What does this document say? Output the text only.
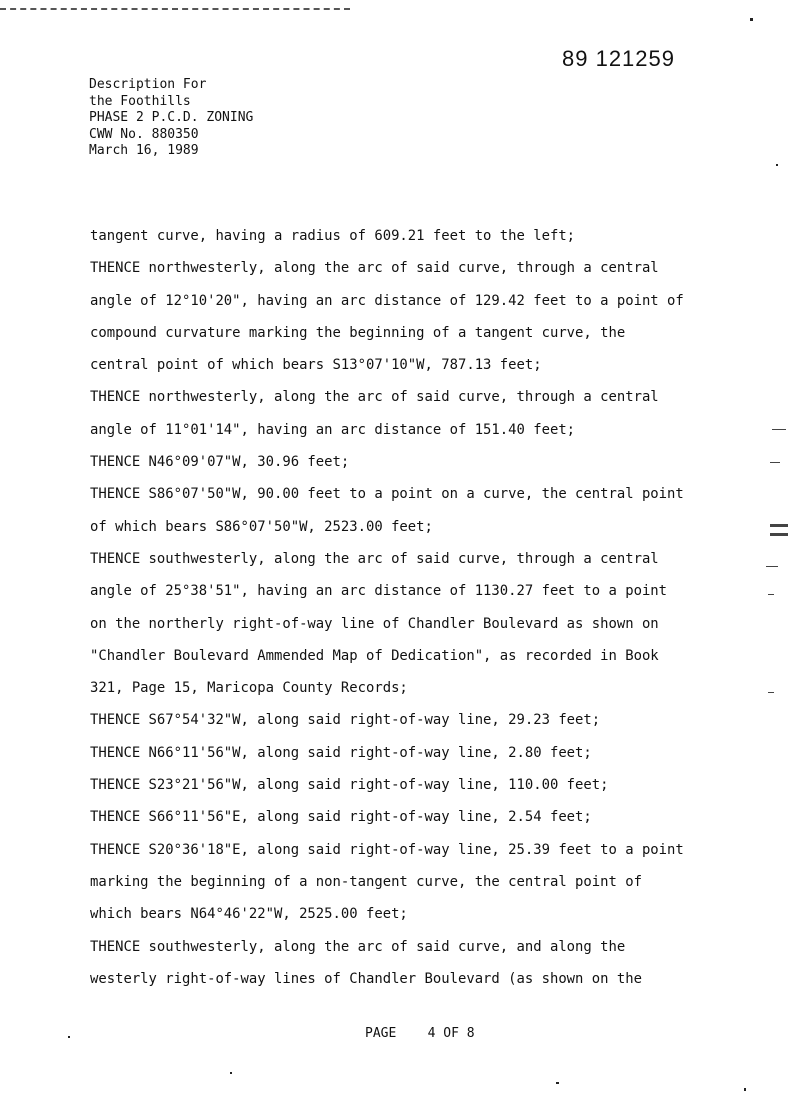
89 121259
Description For
the Foothills
PHASE 2 P.C.D. ZONING
CWW No. 880350
March 16, 1989
tangent curve, having a radius of 609.21 feet to the left;
THENCE northwesterly, along the arc of said curve, through a central
angle of 12°10'20", having an arc distance of 129.42 feet to a point of
compound curvature marking the beginning of a tangent curve, the
central point of which bears S13°07'10"W, 787.13 feet;
THENCE northwesterly, along the arc of said curve, through a central
angle of 11°01'14", having an arc distance of 151.40 feet;
THENCE N46°09'07"W, 30.96 feet;
THENCE S86°07'50"W, 90.00 feet to a point on a curve, the central point
of which bears S86°07'50"W, 2523.00 feet;
THENCE southwesterly, along the arc of said curve, through a central
angle of 25°38'51", having an arc distance of 1130.27 feet to a point
on the northerly right-of-way line of Chandler Boulevard as shown on
"Chandler Boulevard Ammended Map of Dedication", as recorded in Book
321, Page 15, Maricopa County Records;
THENCE S67°54'32"W, along said right-of-way line, 29.23 feet;
THENCE N66°11'56"W, along said right-of-way line, 2.80 feet;
THENCE S23°21'56"W, along said right-of-way line, 110.00 feet;
THENCE S66°11'56"E, along said right-of-way line, 2.54 feet;
THENCE S20°36'18"E, along said right-of-way line, 25.39 feet to a point
marking the beginning of a non-tangent curve, the central point of
which bears N64°46'22"W, 2525.00 feet;
THENCE southwesterly, along the arc of said curve, and along the
westerly right-of-way lines of Chandler Boulevard (as shown on the
PAGE 4 OF 8
